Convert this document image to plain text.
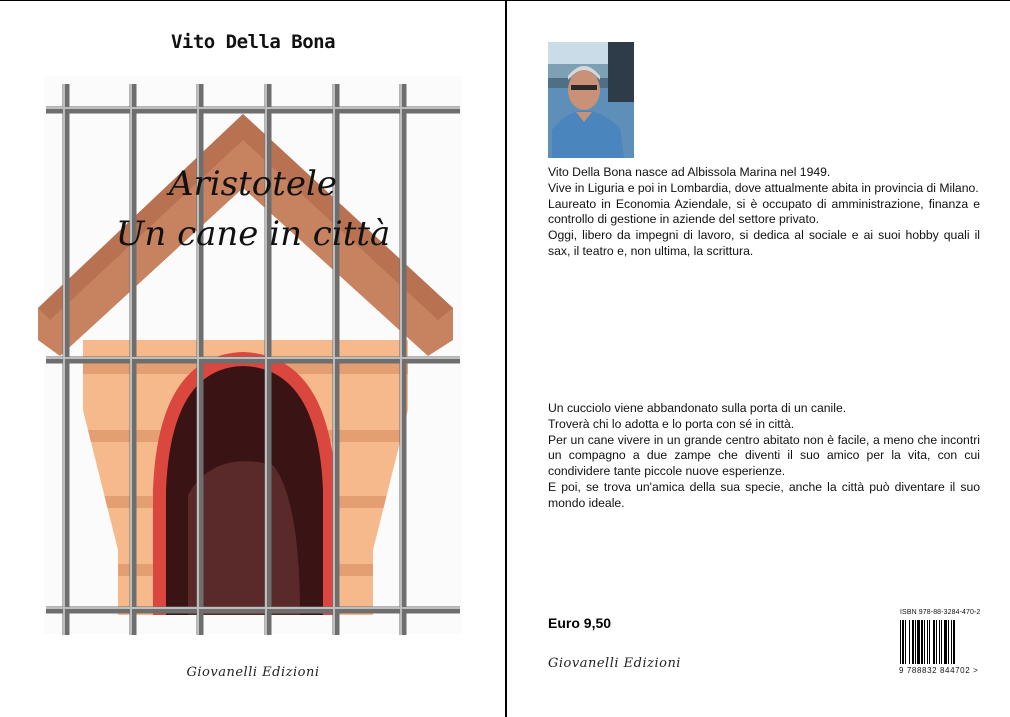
Vito Della Bona
Aristotele
Un cane in città
Giovanelli Edizioni

Vito Della Bona nasce ad Albissola Marina nel 1949.

Vive in Liguria e poi in Lombardia, dove attualmente abita in provincia di Milano.

Laureato in Economia Aziendale, si è occupato di amministrazione, finanza e controllo di gestione in aziende del settore privato.

Oggi, libero da impegni di lavoro, si dedica al sociale e ai suoi hobby quali il sax, il teatro e, non ultima, la scrittura.

Un cucciolo viene abbandonato sulla porta di un canile.

Troverà chi lo adotta e lo porta con sé in città.

Per un cane vivere in un grande centro abitato non è facile, a meno che incontri un compagno a due zampe che diventi il suo amico per la vita, con cui condividere tante piccole nuove esperienze.

E poi, se trova un'amica della sua specie, anche la città può diventare il suo mondo ideale.

Euro 9,50
Giovanelli Edizioni
ISBN 978-88-3284-470-2
9 788832 844702 >
